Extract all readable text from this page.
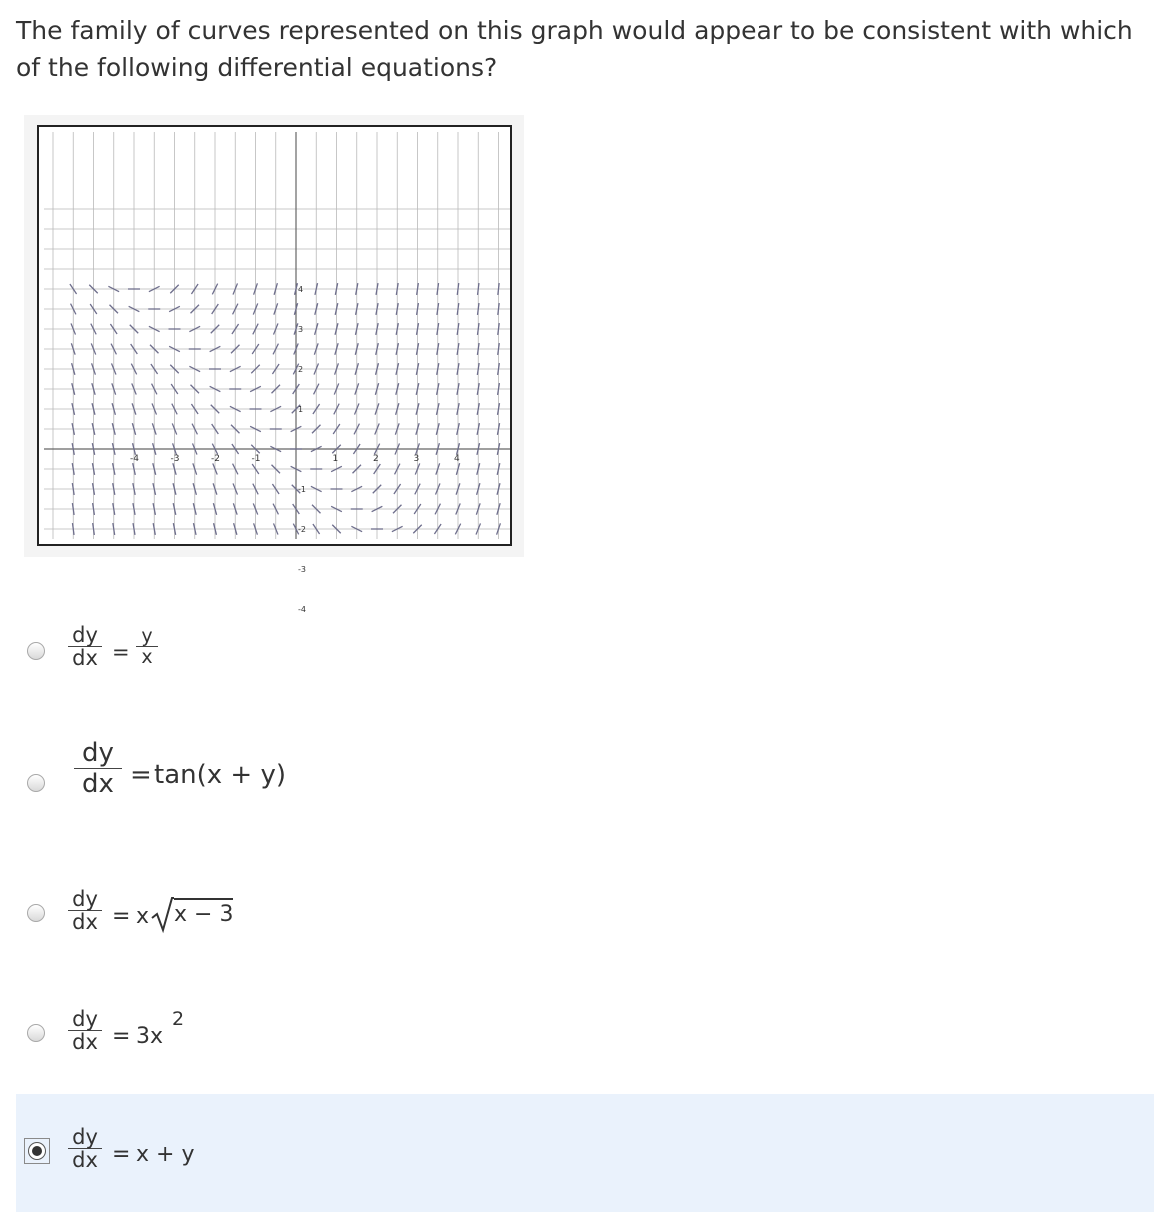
The family of curves represented on this graph would appear to be consistent with which of the following differential equations?
-4	-3	-2	-1	1	2	3	4
4
3
2
1
-1
-2
-3
-4
dy
dx =
y
x
dy
dx = tan(x + y)
dy
dx = x x − 3
dy
dx = 3x
2
dy
dx = x + y
